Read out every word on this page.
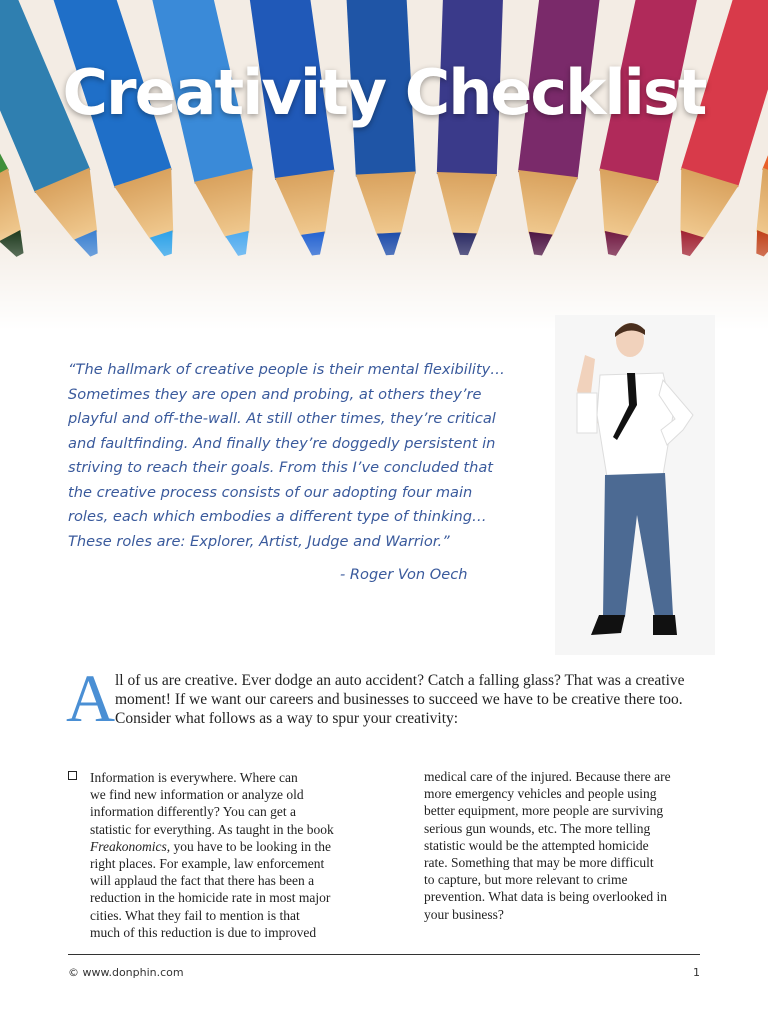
Creativity Checklist
“The hallmark of creative people is their mental flexibility…
Sometimes they are open and probing, at others they’re
playful and off-the-wall. At still other times, they’re critical
and faultfinding. And finally they’re doggedly persistent in
striving to reach their goals. From this I’ve concluded that
the creative process consists of our adopting four main
roles, each which embodies a different type of thinking…
These roles are: Explorer, Artist, Judge and Warrior.”
- Roger Von Oech
A ll of us are creative. Ever dodge an auto accident? Catch a falling glass? That was a creative moment! If we want our careers and businesses to succeed we have to be creative there too. Consider what follows as a way to spur your creativity:
Information is everywhere. Where can
we find new information or analyze old
information differently? You can get a
statistic for everything. As taught in the book
Freakonomics, you have to be looking in the
right places. For example, law enforcement
will applaud the fact that there has been a
reduction in the homicide rate in most major
cities. What they fail to mention is that
much of this reduction is due to improved
medical care of the injured. Because there are
more emergency vehicles and people using
better equipment, more people are surviving
serious gun wounds, etc. The more telling
statistic would be the attempted homicide
rate. Something that may be more difficult
to capture, but more relevant to crime
prevention. What data is being overlooked in
your business?
© www.donphin.com	1
